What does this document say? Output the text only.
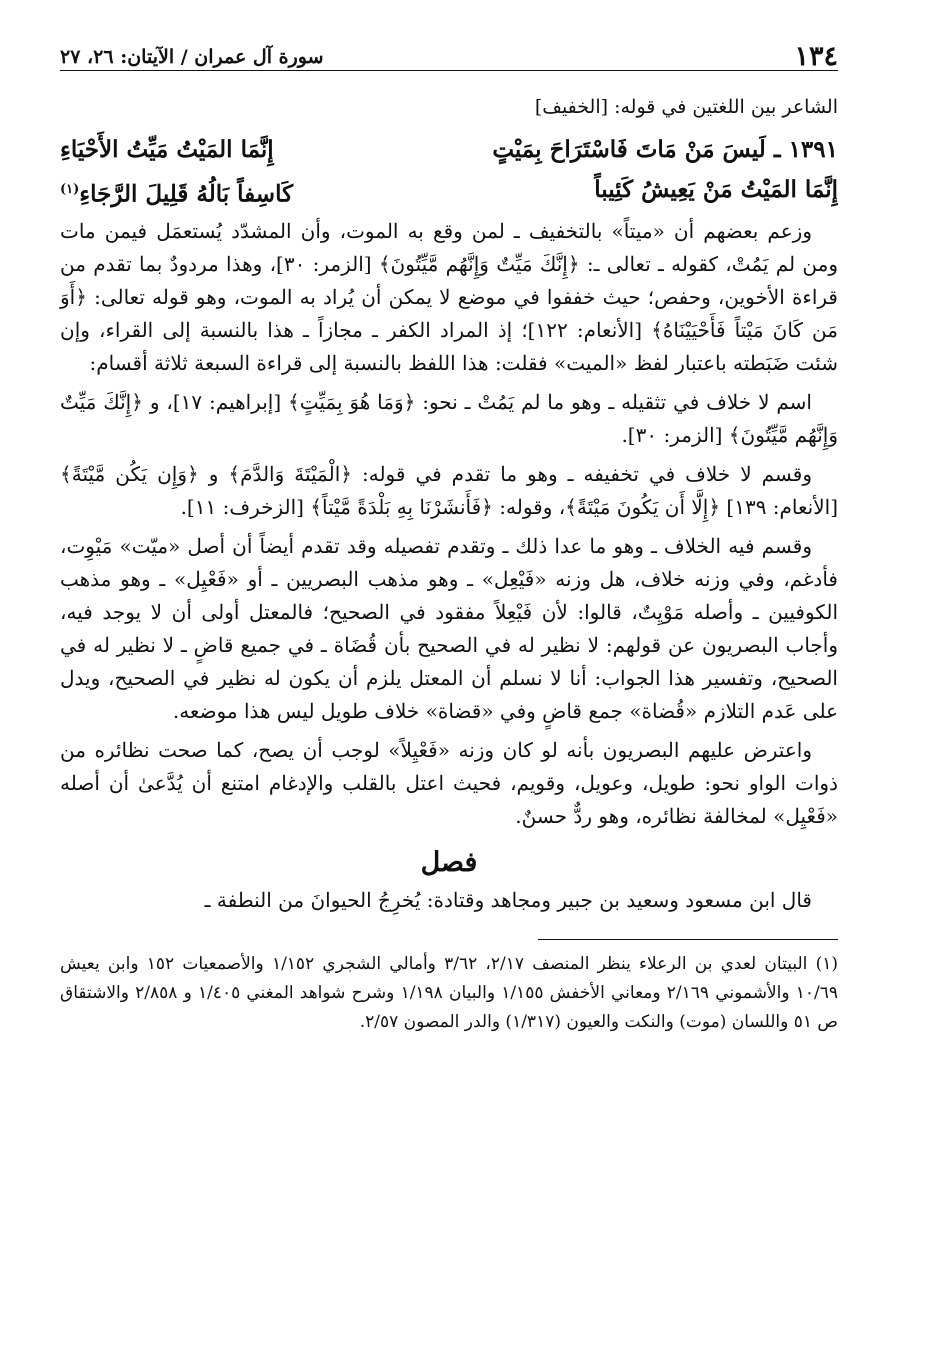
١٣٤
سورة آل عمران / الآيتان: ٢٦، ٢٧

الشاعر بين اللغتين في قوله: [الخفيف]

١٣٩١ ـ لَيسَ مَنْ مَاتَ فَاسْتَرَاحَ بِمَيْتٍ
إِنَّمَا المَيْتُ مَيِّتُ الأَحْيَاءِ
إِنَّمَا المَيْتُ مَنْ يَعِيشُ كَئِيباً
كَاسِفاً بَالُهُ قَلِيلَ الرَّجَاءِ$^{(١)}$

وزعم بعضهم أن «ميتاً» بالتخفيف ـ لمن وقع به الموت، وأن المشدّد يُستعمَل فيمن مات ومن لم يَمُتْ، كقوله ـ تعالى ـ: ﴿إِنَّكَ مَيِّتٌ وَإِنَّهُم مَّيِّتُونَ﴾ [الزمر: ٣٠]، وهذا مردودٌ بما تقدم من قراءة الأخوين، وحفص؛ حيث خففوا في موضع لا يمكن أن يُراد به الموت، وهو قوله تعالى: ﴿أَوَ مَن كَانَ مَيْتاً فَأَحْيَيْنَاهُ﴾ [الأنعام: ١٢٢]؛ إذ المراد الكفر ـ مجازاً ـ هذا بالنسبة إلى القراء، وإن شئت ضَبَطته باعتبار لفظ «الميت» فقلت: هذا اللفظ بالنسبة إلى قراءة السبعة ثلاثة أقسام:

اسم لا خلاف في تثقيله ـ وهو ما لم يَمُتْ ـ نحو: ﴿وَمَا هُوَ بِمَيِّتٍ﴾ [إبراهيم: ١٧]، و ﴿إِنَّكَ مَيِّتٌ وَإِنَّهُم مَّيِّتُونَ﴾ [الزمر: ٣٠].

وقسم لا خلاف في تخفيفه ـ وهو ما تقدم في قوله: ﴿الْمَيْتَةَ وَالدَّمَ﴾ و ﴿وَإِن يَكُن مَّيْتَةً﴾ [الأنعام: ١٣٩] ﴿إِلَّا أَن يَكُونَ مَيْتَةً﴾، وقوله: ﴿فَأَنشَرْنَا بِهِ بَلْدَةً مَّيْتاً﴾ [الزخرف: ١١].

وقسم فيه الخلاف ـ وهو ما عدا ذلك ـ وتقدم تفصيله وقد تقدم أيضاً أن أصل «ميّت» مَيْوِت، فأدغم، وفي وزنه خلاف، هل وزنه «فَيْعِل» ـ وهو مذهب البصريين ـ أو «فَعْيِل» ـ وهو مذهب الكوفيين ـ وأصله مَوْيِتٌ، قالوا: لأن فَيْعِلاً مفقود في الصحيح؛ فالمعتل أولى أن لا يوجد فيه، وأجاب البصريون عن قولهم: لا نظير له في الصحيح بأن قُضَاة ـ في جميع قاضٍ ـ لا نظير له في الصحيح، وتفسير هذا الجواب: أنا لا نسلم أن المعتل يلزم أن يكون له نظير في الصحيح، ويدل على عَدم التلازم «قُضاة» جمع قاضٍ وفي «قضاة» خلاف طويل ليس هذا موضعه.

واعترض عليهم البصريون بأنه لو كان وزنه «فَعْيِلاً» لوجب أن يصح، كما صحت نظائره من ذوات الواو نحو: طويل، وعويل، وقويم، فحيث اعتل بالقلب والإدغام امتنع أن يُدَّعىٰ أن أصله «فَعْيِل» لمخالفة نظائره، وهو ردٌّ حسنٌ.

فصل

قال ابن مسعود وسعيد بن جبير ومجاهد وقتادة: يُخرِجُ الحيوانَ من النطفة ـ

(١) البيتان لعدي بن الرعلاء ينظر المنصف ٢/١٧، ٣/٦٢ وأمالي الشجري ١/١٥٢ والأصمعيات ١٥٢ وابن يعيش ١٠/٦٩ والأشموني ٢/١٦٩ ومعاني الأخفش ١/١٥٥ والبيان ١/١٩٨ وشرح شواهد المغني ١/٤٠٥ و ٢/٨٥٨ والاشتقاق ص ٥١ واللسان (موت) والنكت والعيون (١/٣١٧) والدر المصون ٢/٥٧.
